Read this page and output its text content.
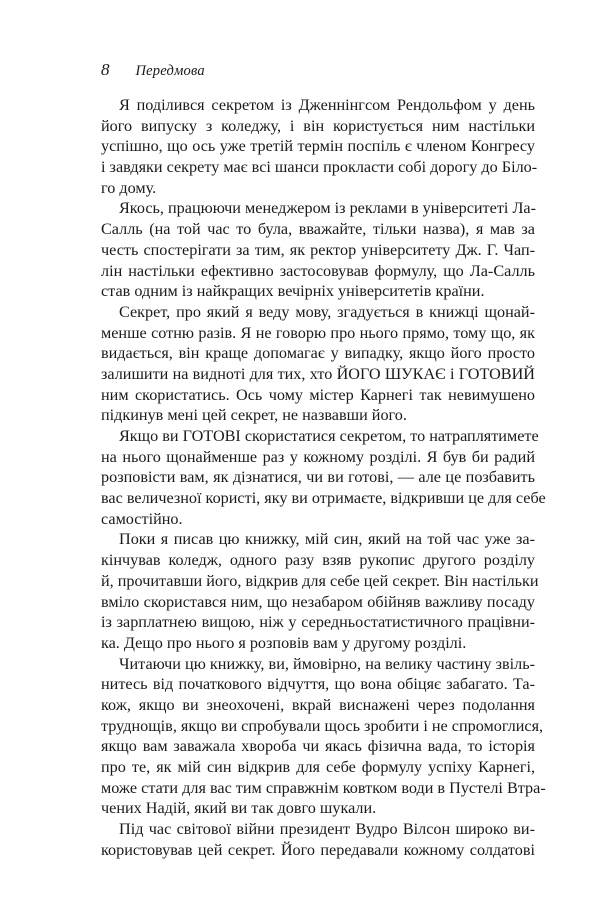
8 Передмова
Я поділився секретом із Дженнінгсом Рендольфом у день
його випуску з коледжу, і він користується ним настільки
успішно, що ось уже третій термін поспіль є членом Конгресу
і завдяки секрету має всі шанси прокласти собі дорогу до Біло-
го дому.
Якось, працюючи менеджером із реклами в університеті Ла-
Салль (на той час то була, вважайте, тільки назва), я мав за
честь спостерігати за тим, як ректор університету Дж. Г. Чап-
лін настільки ефективно застосовував формулу, що Ла-Салль
став одним із найкращих вечірніх університетів країни.
Секрет, про який я веду мову, згадується в книжці щонай-
менше сотню разів. Я не говорю про нього прямо, тому що, як
видається, він краще допомагає у випадку, якщо його просто
залишити на видноті для тих, хто ЙОГО ШУКАЄ і ГОТОВИЙ
ним скористатись. Ось чому містер Карнегі так невимушено
підкинув мені цей секрет, не назвавши його.
Якщо ви ГОТОВІ скористатися секретом, то натраплятимете
на нього щонайменше раз у кожному розділі. Я був би радий
розповісти вам, як дізнатися, чи ви готові, — але це позбавить
вас величезної користі, яку ви отримаєте, відкривши це для себе
самостійно.
Поки я писав цю книжку, мій син, який на той час уже за-
кінчував коледж, одного разу взяв рукопис другого розділу
й, прочитавши його, відкрив для себе цей секрет. Він настільки
вміло скористався ним, що незабаром обійняв важливу посаду
із зарплатнею вищою, ніж у середньостатистичного працівни-
ка. Дещо про нього я розповів вам у другому розділі.
Читаючи цю книжку, ви, ймовірно, на велику частину звіль-
нитесь від початкового відчуття, що вона обіцяє забагато. Та-
кож, якщо ви знеохочені, вкрай виснажені через подолання
труднощів, якщо ви спробували щось зробити і не спромоглися,
якщо вам заважала хвороба чи якась фізична вада, то історія
про те, як мій син відкрив для себе формулу успіху Карнегі,
може стати для вас тим справжнім ковтком води в Пустелі Втра-
чених Надій, який ви так довго шукали.
Під час світової війни президент Вудро Вілсон широко ви-
користовував цей секрет. Його передавали кожному солдатові
